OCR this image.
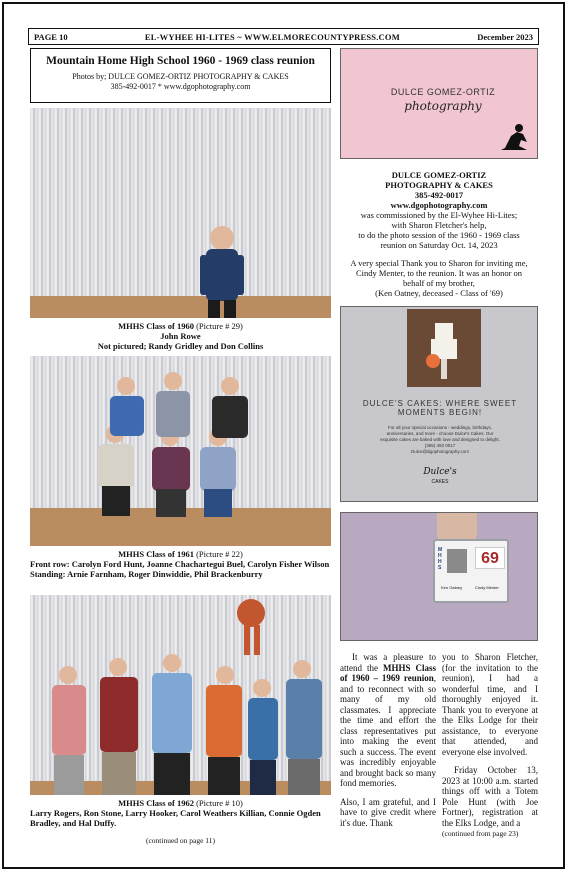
PAGE 10	EL-WYHEE HI-LITES ~ WWW.ELMORECOUNTYPRESS.COM	December 2023
Mountain Home High School 1960 - 1969 class reunion

Photos by; DULCE GOMEZ-ORTIZ PHOTOGRAPHY & CAKES

385-492-0017 * www.dgophotography.com

MHHS Class of 1960 (Picture # 29)
John Rowe
Not pictured; Randy Gridley and Don Collins
MHHS Class of 1961 (Picture # 22)
Front row: Carolyn Ford Hunt, Joanne Chachartegui Buel, Carolyn Fisher Wilson
Standing: Arnie Farnham, Roger Dinwiddie, Phil Brackenburry
MHHS Class of 1962 (Picture # 10)
Larry Rogers, Ron Stone, Larry Hooker, Carol Weathers Killian, Connie Ogden Bradley, and Hal Duffy.
(continued on page 11)
DULCE GOMEZ-ORTIZ
photography
DULCE GOMEZ-ORTIZ
PHOTOGRAPHY & CAKES
385-492-0017
www.dgophotography.com
was commissioned by the El-Wyhee Hi-Lites;
with Sharon Fletcher's help,
to do the photo session of the 1960 - 1969 class
reunion on Saturday Oct. 14, 2023
A very special Thank you to Sharon for inviting me,
Cindy Menter, to the reunion. It was an honor on
behalf of my brother,
(Ken Oatney, deceased - Class of '69)
DULCE'S CAKES: WHERE SWEET MOMENTS BEGIN!
For all your special occasions - weddings, birthdays,
anniversaries, and more - choose Dulce's Cakes. Our
exquisite cakes are baked with love and designed to delight.
(385) 492 0017
Dulce@dgophotography.com
Dulce's
CAKES
MHHS
69
Ken Oatney	Cindy Menter

It was a pleasure to attend the MHHS Class of 1960 – 1969 reunion, and to reconnect with so many of my old classmates. I appreciate the time and effort the class representatives put into making the event such a success. The event was incredibly enjoyable and brought back so many fond memories.

Also, I am grateful, and I have to give credit where it's due. Thank

you to Sharon Fletcher, (for the invitation to the reunion), I had a wonderful time, and I thoroughly enjoyed it. Thank you to everyone at the Elks Lodge for their assistance, to everyone that attended, and everyone else involved.

Friday October 13, 2023 at 10:00 a.m. started things off with a Totem Pole Hunt (with Joe Fortner), registration at the Elks Lodge, and a

(continued from page 23)
